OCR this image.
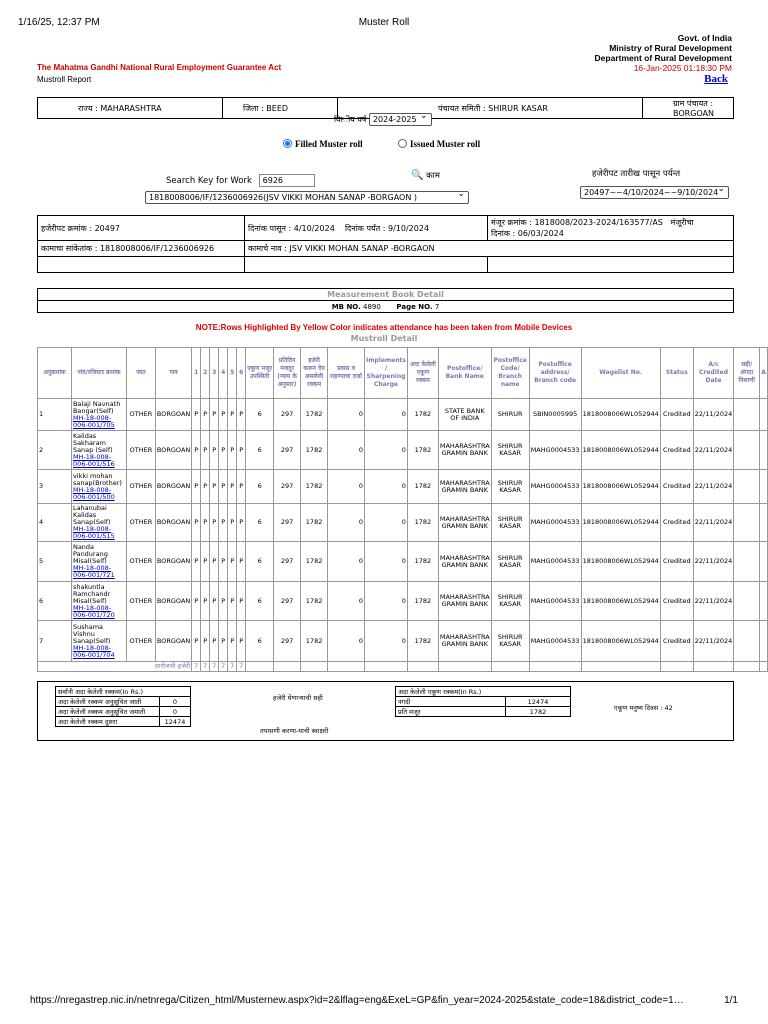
1/16/25, 12:37 PM	Muster Roll
Govt. of India
Ministry of Rural Development
Department of Rural Development
16-Jan-2025 01:18:30 PM
Back
The Mahatma Gandhi National Rural Employment Guarantee Act
Mustroll Report
राज्य : MAHARASHTRA	जिला : BEED	पंचायत समिती : SHIRUR KASAR	ग्राम पंचायत : BORGOAN
वित्‍ीय वर्ष 2024-2025 ⌄
Filled Muster roll	Issued Muster roll
Search Key for Work 6926	🔍 काम
1818008006/IF/1236006926(JSV VIKKI MOHAN SANAP -BORGAON ) ⌄
हजेरीपट तारीख पासून पर्यन्त
20497~~4/10/2024~~9/10/2024 ⌄
हजेरीपट क्रमांक : 20497	दिनांक पासून : 4/10/2024 दिनांक पर्यंत : 9/10/2024	मंजूर क्रमांक : 1818008/2023-2024/163577/AS मंजूरीचा
दिनांक : 06/03/2024
कामाचा सांकेतांक : 1818008006/IF/1236006926	कामाचे नाव : JSV VIKKI MOHAN SANAP -BORGAON	

Measurement Book Detail
MB NO. 4890 Page NO. 7
NOTE:Rows Highlighted By Yellow Color indicates attendance has been taken from Mobile Devices
Mustroll Detail
अनुक्रमांक	नांव/रजिस्टर क्रमांक	जात	गाव	1	2	3	4	5	6	एकूण मजूर उपस्थिती	प्रतिदिन मजदूर (न्याय के अनुसार)	हजेरी करून देय असलेली रक्कम	प्रवास व राहण्याचा दर्जा	Implements / Sharpening Charge	अदा केलेली एकूण रक्कम	Postoffice/ Bank Name	Postoffice Code/ Branch name	Postoffice address/ Branch code	Wagelist No.	Status	A/c Credited Date	सही/ अंगठा निशाणी	A
1	Balaji Navnath Bangar(Self)
MH-18-008-006-001/705	OTHER	BORGOAN	P	P	P	P	P	P	6	297	1782	0	0	1782	STATE BANK OF INDIA	SHIRUR	SBIN0005995	1818008006WL052944	Credited	22/11/2024		
2	Kalidas Sakharam Sanap (Self)
MH-18-008-006-001/516	OTHER	BORGOAN	P	P	P	P	P	P	6	297	1782	0	0	1782	MAHARASHTRA GRAMIN BANK	SHIRUR KASAR	MAHG0004533	1818008006WL052944	Credited	22/11/2024		
3	vikki mohan sanap(Brother)
MH-18-008-006-001/500	OTHER	BORGOAN	P	P	P	P	P	P	6	297	1782	0	0	1782	MAHARASHTRA GRAMIN BANK	SHIRUR KASAR	MAHG0004533	1818008006WL052944	Credited	22/11/2024		
4	Lahanubai Kalidas Sanap(Self)
MH-18-008-006-001/515	OTHER	BORGOAN	P	P	P	P	P	P	6	297	1782	0	0	1782	MAHARASHTRA GRAMIN BANK	SHIRUR KASAR	MAHG0004533	1818008006WL052944	Credited	22/11/2024		
5	Nanda Pandurang Misal(Self)
MH-18-008-006-001/721	OTHER	BORGOAN	P	P	P	P	P	P	6	297	1782	0	0	1782	MAHARASHTRA GRAMIN BANK	SHIRUR KASAR	MAHG0004533	1818008006WL052944	Credited	22/11/2024		
6	shakuntla Ramchandr Misal(Self)
MH-18-008-006-001/720	OTHER	BORGOAN	P	P	P	P	P	P	6	297	1782	0	0	1782	MAHARASHTRA GRAMIN BANK	SHIRUR KASAR	MAHG0004533	1818008006WL052944	Credited	22/11/2024		
7	Sushama Vishnu Sanap(Self)
MH-18-008-006-001/704	OTHER	BORGOAN	P	P	P	P	P	P	6	297	1782	0	0	1782	MAHARASHTRA GRAMIN BANK	SHIRUR KASAR	MAHG0004533	1818008006WL052944	Credited	22/11/2024		
दररोजची हजेरी				7	7	7	7	7	7														
सर्वांनी अदा केलेली रक्कम(In Rs.)	
अदा केलेली रक्कम अनुसूचित जाती	0
अदा केलेली रक्कम अनुसूचित जमाती	0
अदा केलेली रक्कम दुसरा	12474
हजेरी घेणाऱ्याची सही
तपासणी करणा-याची स्वाक्षरी
अदा केलेली एकूण रक्कम(In Rs.)	
नगदी	12474
प्रति मजूर	1782	एकूण मनुष्य दिवस : 42
https://nregastrep.nic.in/netnrega/Citizen_html/Musternew.aspx?id=2&lflag=eng&ExeL=GP&fin_year=2024-2025&state_code=18&district_code=1…	1/1
